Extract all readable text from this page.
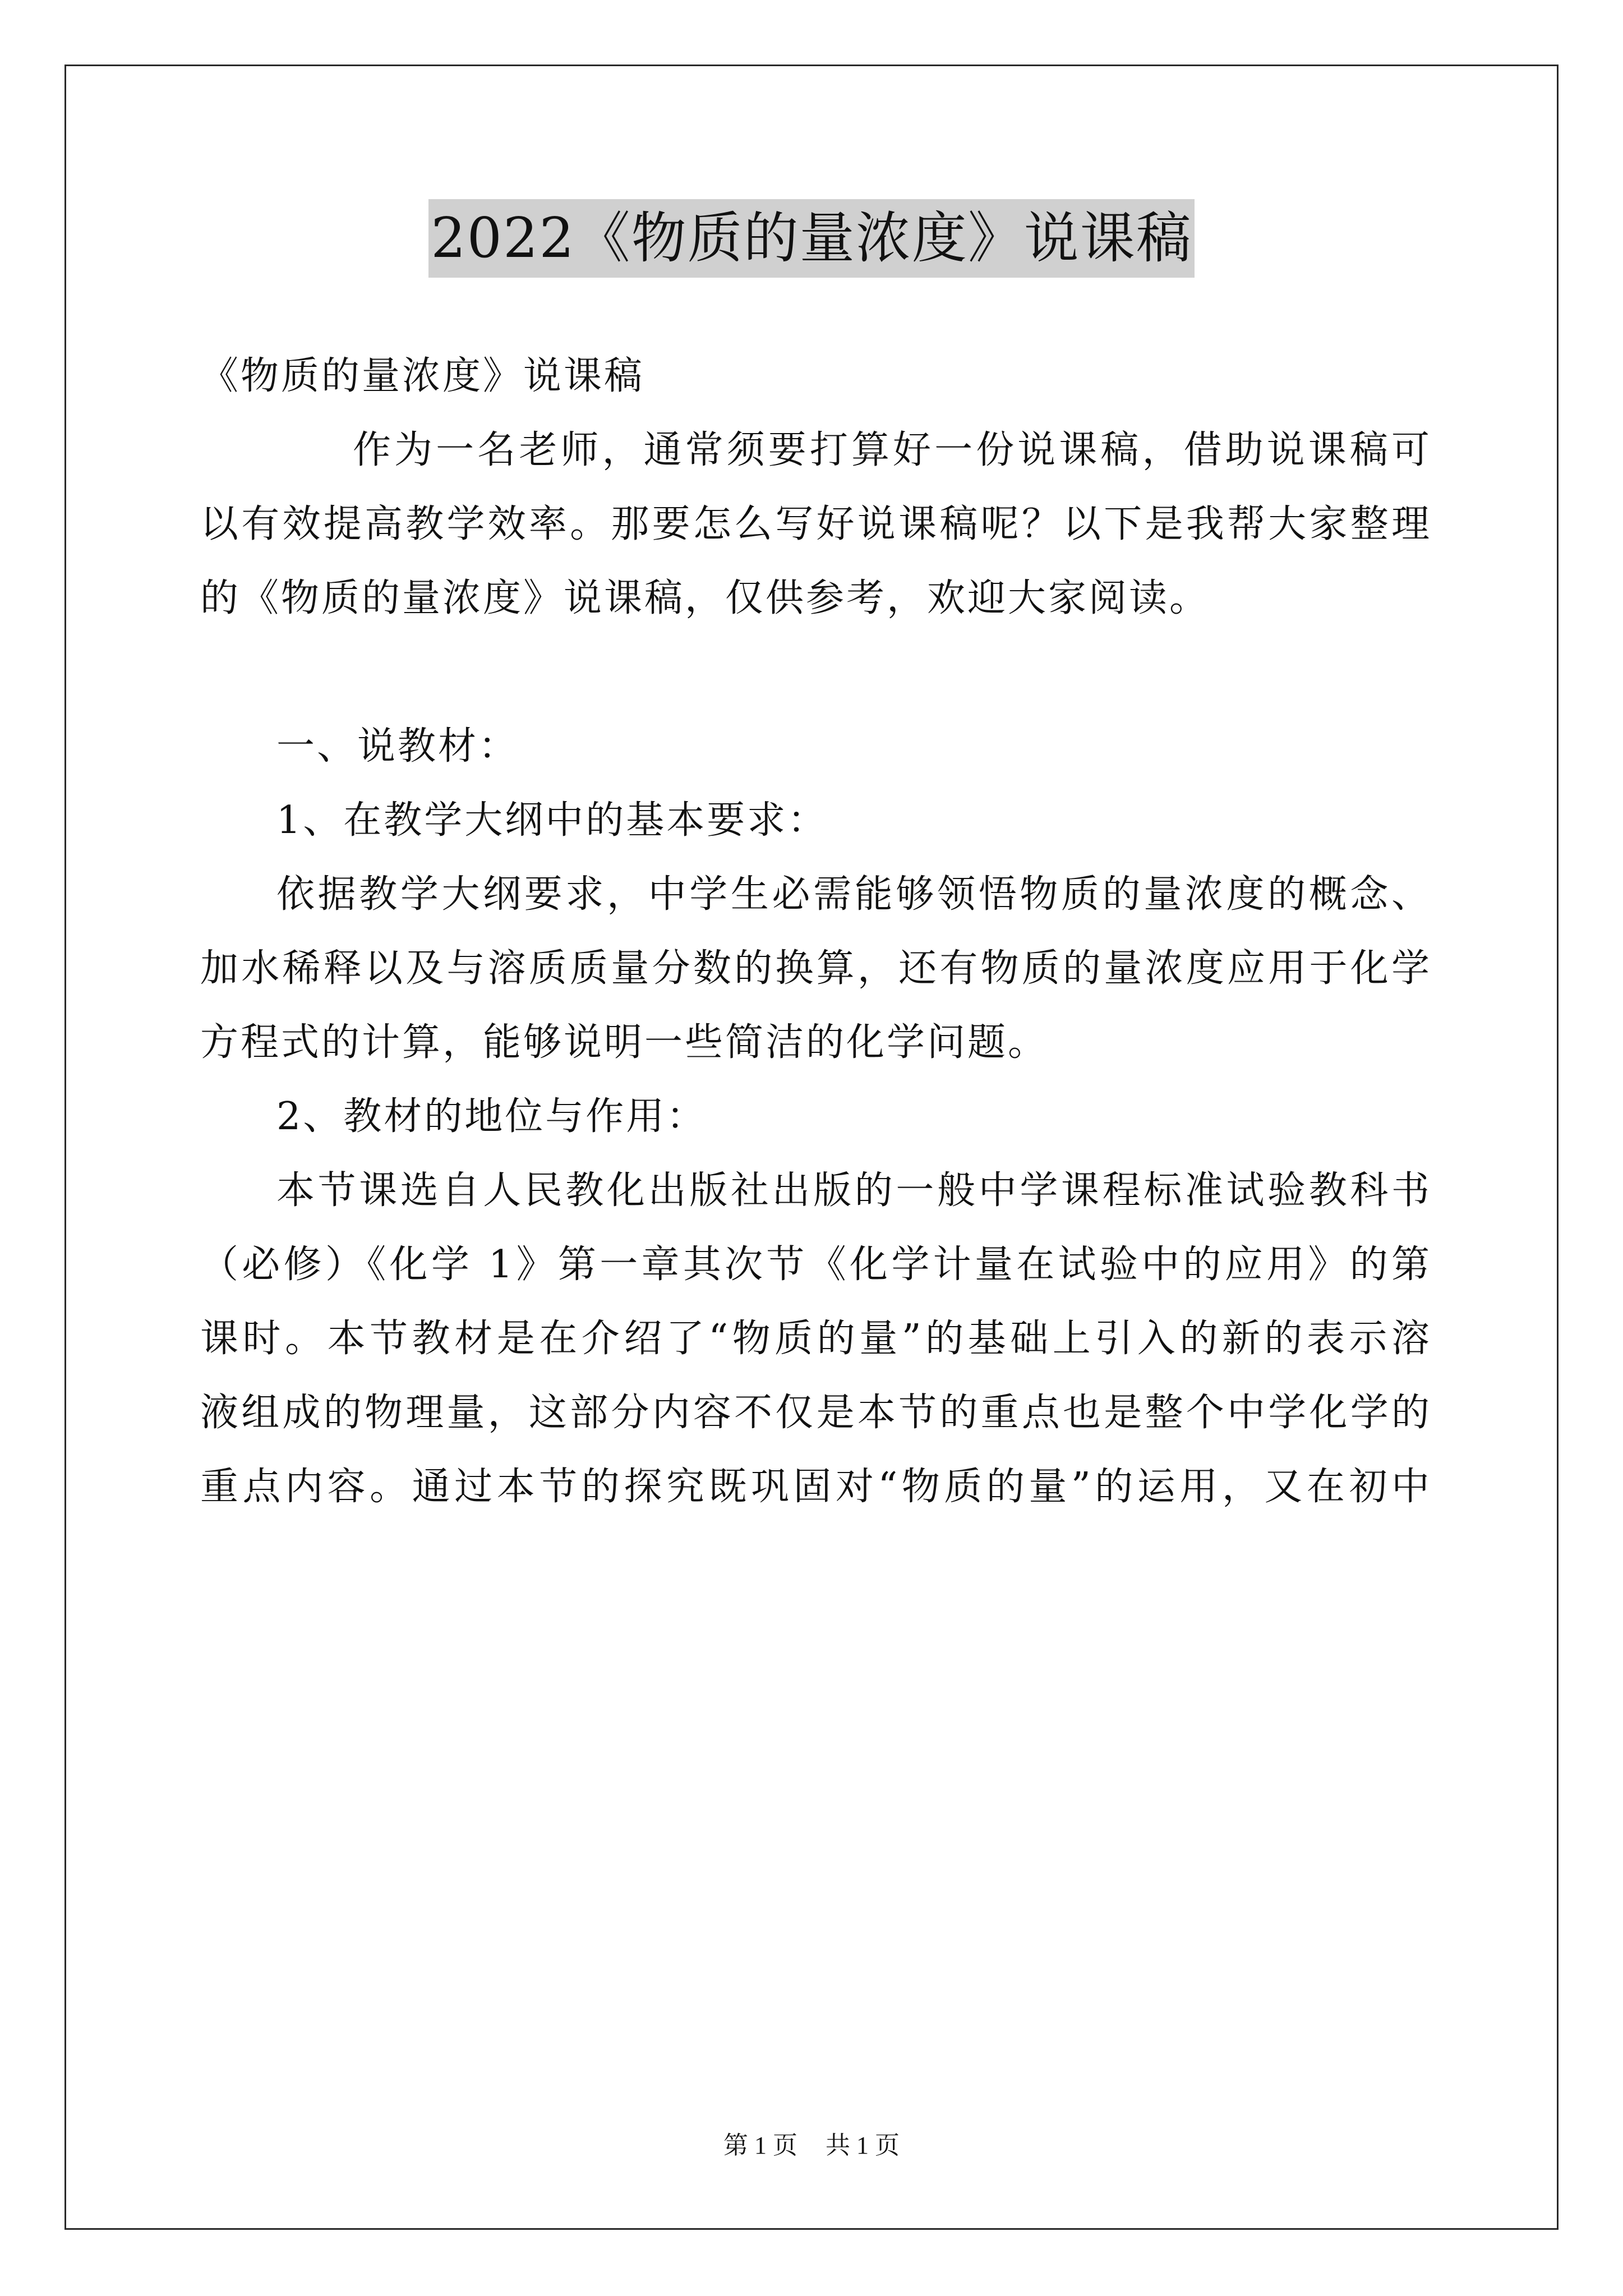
2022《物质的量浓度》说课稿
《物质的量浓度》说课稿
作为一名老师，通常须要打算好一份说课稿，借助说课稿可
以有效提高教学效率。那要怎么写好说课稿呢？以下是我帮大家整理
的《物质的量浓度》说课稿，仅供参考，欢迎大家阅读。
一、说教材：
1、在教学大纲中的基本要求：
依据教学大纲要求，中学生必需能够领悟物质的量浓度的概念、
加水稀释以及与溶质质量分数的换算，还有物质的量浓度应用于化学
方程式的计算，能够说明一些简洁的化学问题。
2、教材的地位与作用：
本节课选自人民教化出版社出版的一般中学课程标准试验教科书
（必修）《化学 1》第一章其次节《化学计量在试验中的应用》的第
课时。本节教材是在介绍了“物质的量”的基础上引入的新的表示溶
液组成的物理量，这部分内容不仅是本节的重点也是整个中学化学的
重点内容。通过本节的探究既巩固对“物质的量”的运用，又在初中
第 1 页 共 1 页
